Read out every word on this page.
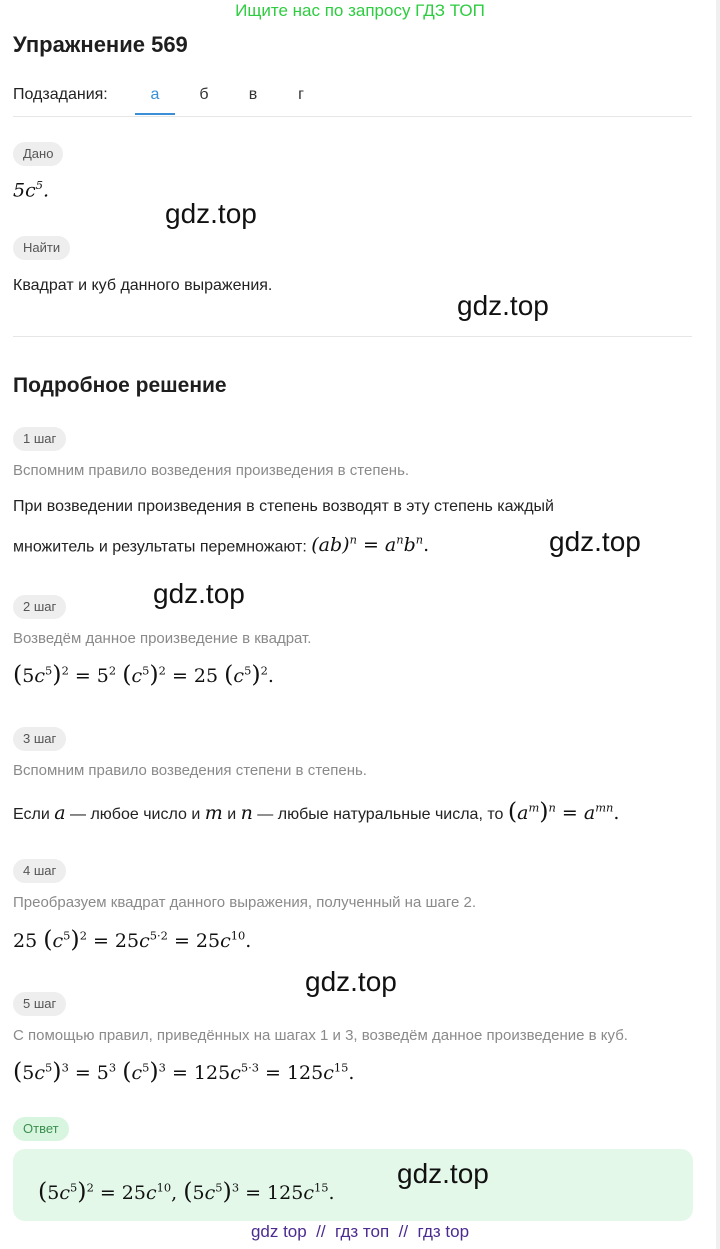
Ищите нас по запросу ГДЗ ТОП
Упражнение 569
Подзадания:	а	б	в	г
Дано
$5c^5$.
gdz.top
Найти
Квадрат и куб данного выражения.
gdz.top
Подробное решение
1 шаг
Вспомним правило возведения произведения в степень.
При возведении произведения в степень возводят в эту степень каждый
множитель и результаты перемножают: $(ab)^n = a^nb^n$.	gdz.top
gdz.top
2 шаг
Возведём данное произведение в квадрат.
$(5c^5)^2 = 5^2$ $(c^5)^2 = 25$ $(c^5)^2$.
3 шаг
Вспомним правило возведения степени в степень.
Если a — любое число и m и n — любые натуральные числа, то $(a^m)^n = a^{mn}$.
4 шаг
Преобразуем квадрат данного выражения, полученный на шаге 2.
25 $(c^5)^2 = 25c^{5\cdot 2} = 25c^{10}$.
gdz.top
5 шаг
С помощью правил, приведённых на шагах 1 и 3, возведём данное произведение в куб.
$(5c^5)^3 = 5^3$ $(c^5)^3 = 125c^{5\cdot 3} = 125c^{15}$.
Ответ
$(5c^5)^2 = 25c^{10}$, $(5c^5)^3 = 125c^{15}$.
gdz.top
gdz top  //  гдз топ  //  гдз top
